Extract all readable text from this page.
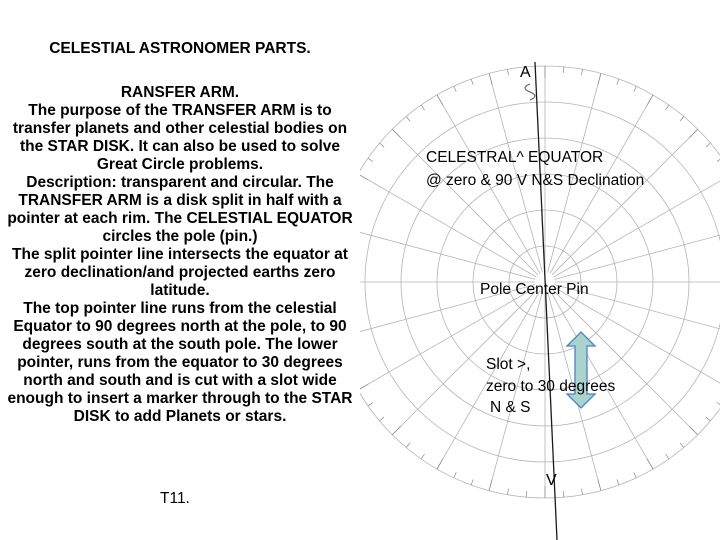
CELESTIAL ASTRONOMER PARTS.
RANSFER ARM.

The purpose of the TRANSFER ARM is to transfer planets and other celestial bodies on the STAR DISK. It can also be used to solve Great Circle problems.

Description: transparent and circular. The TRANSFER ARM is a disk split in half with a pointer at each rim. The CELESTIAL EQUATOR circles the pole (pin.)

The split pointer line intersects the equator at zero declination/and projected earths zero latitude.

The top pointer line runs from the celestial Equator to 90 degrees north at the pole, to 90 degrees south at the south pole. The lower pointer, runs from the equator to 30 degrees north and south and is cut with a slot wide enough to insert a marker through to the STAR DISK to add Planets or stars.

T11.
A
V
CELESTRAL^ EQUATOR
@ zero & 90 V N&S Declination
Pole Center Pin
Slot >,
zero to 30 degrees
N & S
